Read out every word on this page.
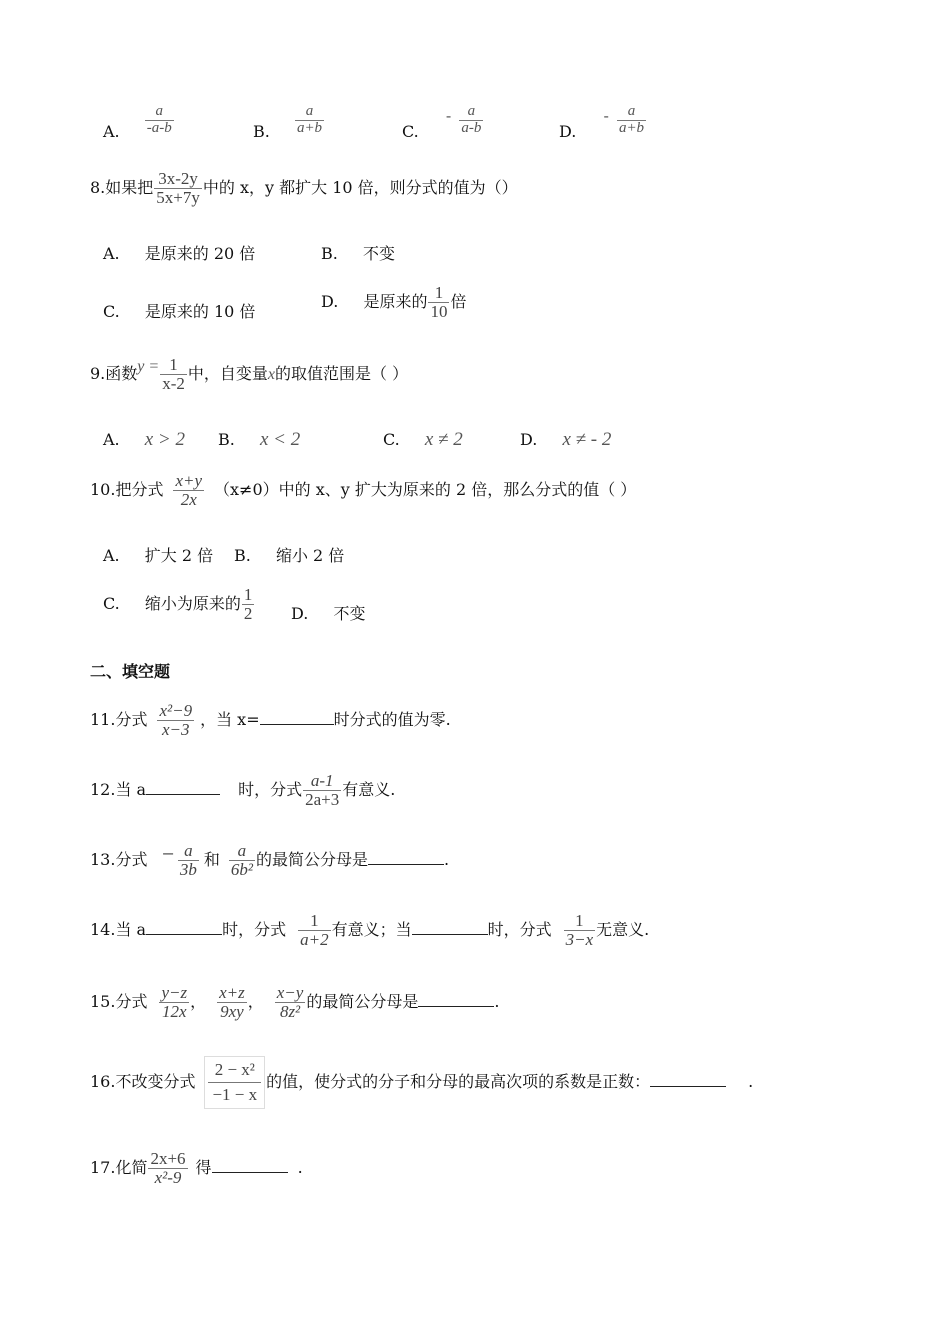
A. $\frac{a}{-a-b}$	B. $\frac{a}{a+b}$	C. - $\frac{a}{a-b}$	D. - $\frac{a}{a+b}$
8.如果把 $\frac{3x-2y}{5x+7y}$ 中的 x，y 都扩大 10 倍，则分式的值为（）
A. 是原来的 20 倍	B. 不变
C. 是原来的 10 倍
D. 是原来的 $\frac{1}{10}$ 倍
9.函数$y = \frac{1}{x-2}$ 中，自变量x的取值范围是（ ）
A. x > 2 B. x < 2	C. x ≠ 2	D. x ≠ - 2
10.把分式 $\frac{x+y}{2x} (x\ne 0)$中的 x、y 扩大为原来的 2 倍，那么分式的值（ ）
A. 扩大 2 倍 B. 缩小 2 倍
C. 缩小为原来的 $\frac{1}{2} D$. 不变
二、填空题
11.分式 $\frac{\text{x²−9}}{x-3}$ ，当 x=	时分式的值为零.
12.当 a	时，分式 $\frac{a-1}{2a+3}$ 有意义.
13.分式 − $\frac{a}{3b}$ 和 $\frac{a}{\text{6b²}}$ 的最简公分母是	.
14.当 a	时，分式 $\frac{1}{a+2}$ 有意义；当	时，分式 $\frac{1}{3-x}$ 无意义.
15.分式 $\frac{y-z}{12x}$ ， $\frac{x+z}{9xy}$ ， $\frac{x-y}{\text{8z²}}$ 的最简公分母是	.
16.不改变分式 $\frac{\text{2 − x²}}{-1 - x}$ 的值，使分式的分子和分母的最高次项的系数是正数：	.
17.化简 $\frac{2x+6}{\text{x²-9}}$ 得	.
